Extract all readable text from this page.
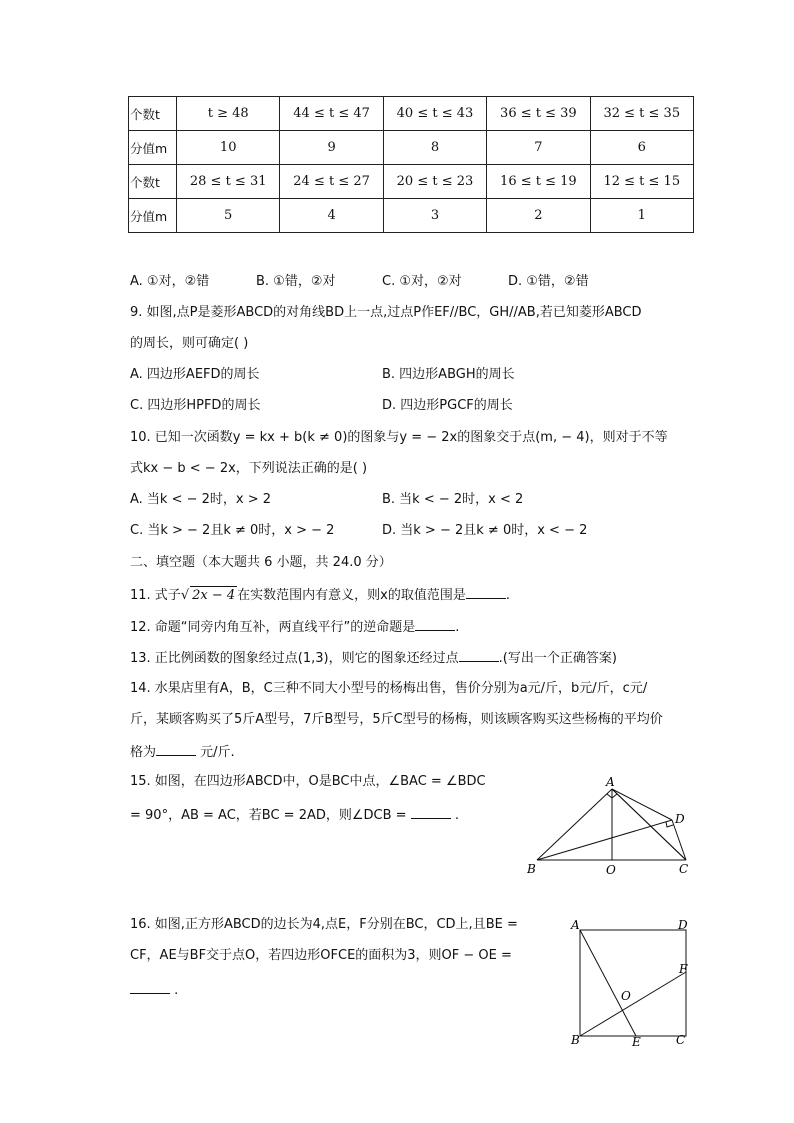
个数t	t ≥ 48	44 ≤ t ≤ 47	40 ≤ t ≤ 43	36 ≤ t ≤ 39	32 ≤ t ≤ 35
分值m	10	9	8	7	6
个数t	28 ≤ t ≤ 31	24 ≤ t ≤ 27	20 ≤ t ≤ 23	16 ≤ t ≤ 19	12 ≤ t ≤ 15
分值m	5	4	3	2	1
A. ①对，②错	B. ①错，②对	C. ①对，②对	D. ①错，②错
9. 如图,点P是菱形ABCD的对角线BD上一点,过点P作EF//BC，GH//AB,若已知菱形ABCD
的周长，则可确定( )
A. 四边形AEFD的周长	B. 四边形ABGH的周长
C. 四边形HPFD的周长	D. 四边形PGCF的周长
10. 已知一次函数y = kx + b(k ≠ 0)的图象与y = − 2x的图象交于点(m, − 4)，则对于不等
式kx − b < − 2x，下列说法正确的是( )
A. 当k < − 2时，x > 2	B. 当k < − 2时，x < 2
C. 当k > − 2且k ≠ 0时，x > − 2	D. 当k > − 2且k ≠ 0时，x < − 2
二、填空题（本大题共 6 小题，共 24.0 分）
11. 式子√ 2x − 4 在实数范围内有意义，则x的取值范围是	.
12. 命题“同旁内角互补，两直线平行”的逆命题是	.
13. 正比例函数的图象经过点(1,3)，则它的图象还经过点	.(写出一个正确答案)
14. 水果店里有A，B，C三种不同大小型号的杨梅出售，售价分别为a元/斤，b元/斤，c元/
斤，某顾客购买了5斤A型号，7斤B型号，5斤C型号的杨梅，则该顾客购买这些杨梅的平均价
格为	元/斤.
15. 如图，在四边形ABCD中，O是BC中点，∠BAC = ∠BDC
= 90°，AB = AC，若BC = 2AD，则∠DCB =	.
A
B	C
D
O
16. 如图,正方形ABCD的边长为4,点E，F分别在BC，CD上,且BE =
CF，AE与BF交于点O，若四边形OFCE的面积为3，则OF − OE =
.
A	D
B	C
E
F
O
